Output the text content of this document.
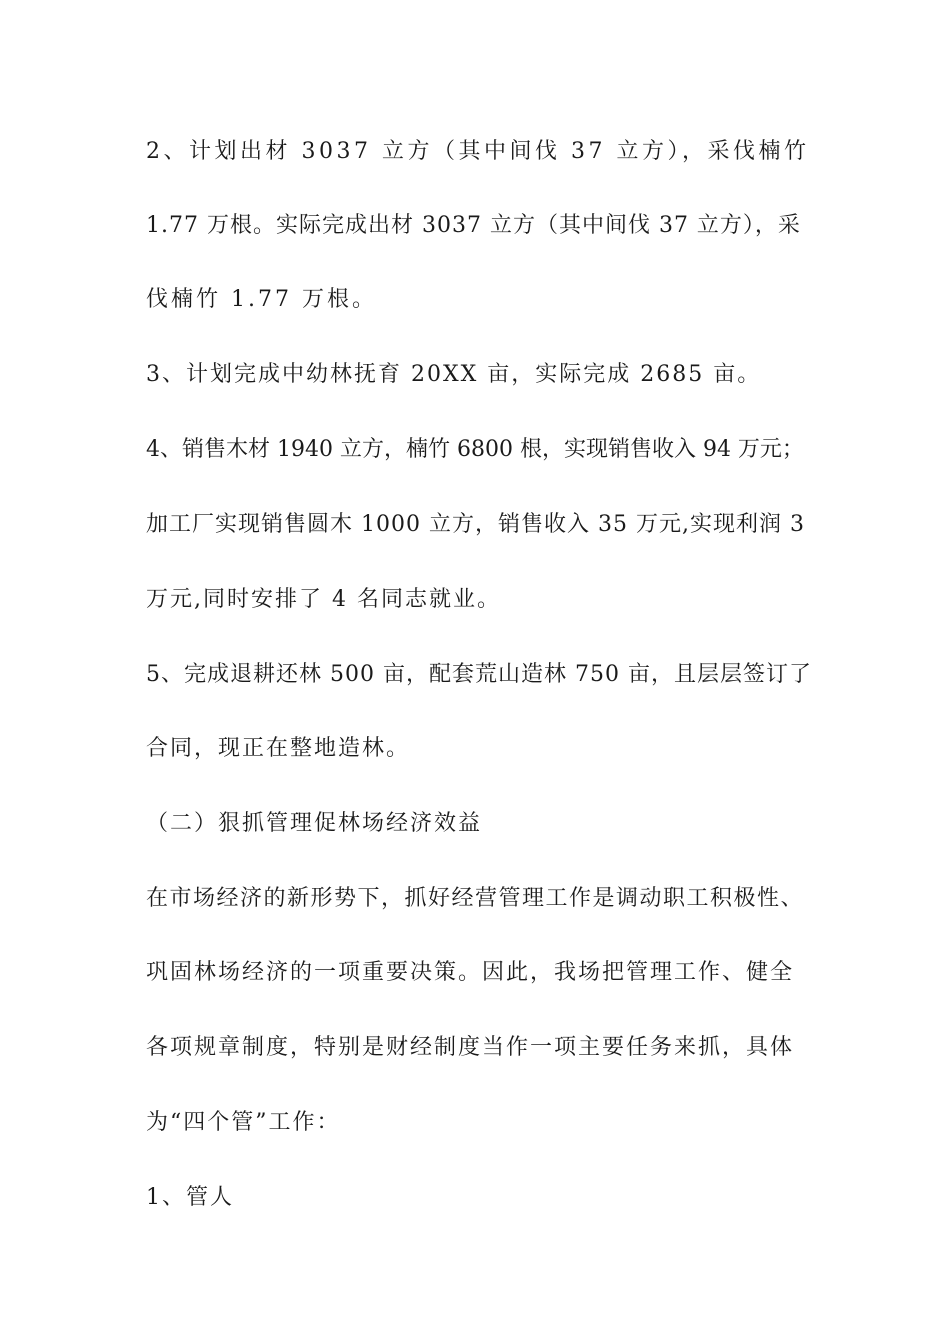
2、计划出材 3037 立方（其中间伐 37 立方），采伐楠竹
1.77 万根。实际完成出材 3037 立方（其中间伐 37 立方），采
伐楠竹 1.77 万根。
3、计划完成中幼林抚育 20XX 亩，实际完成 2685 亩。
4、销售木材 1940 立方，楠竹 6800 根，实现销售收入 94 万元；
加工厂实现销售圆木 1000 立方，销售收入 35 万元,实现利润 3
万元,同时安排了 4 名同志就业。
5、完成退耕还林 500 亩，配套荒山造林 750 亩，且层层签订了
合同，现正在整地造林。
（二）狠抓管理促林场经济效益
在市场经济的新形势下，抓好经营管理工作是调动职工积极性、
巩固林场经济的一项重要决策。因此，我场把管理工作、健全
各项规章制度，特别是财经制度当作一项主要任务来抓，具体
为“四个管”工作：
1、管人
